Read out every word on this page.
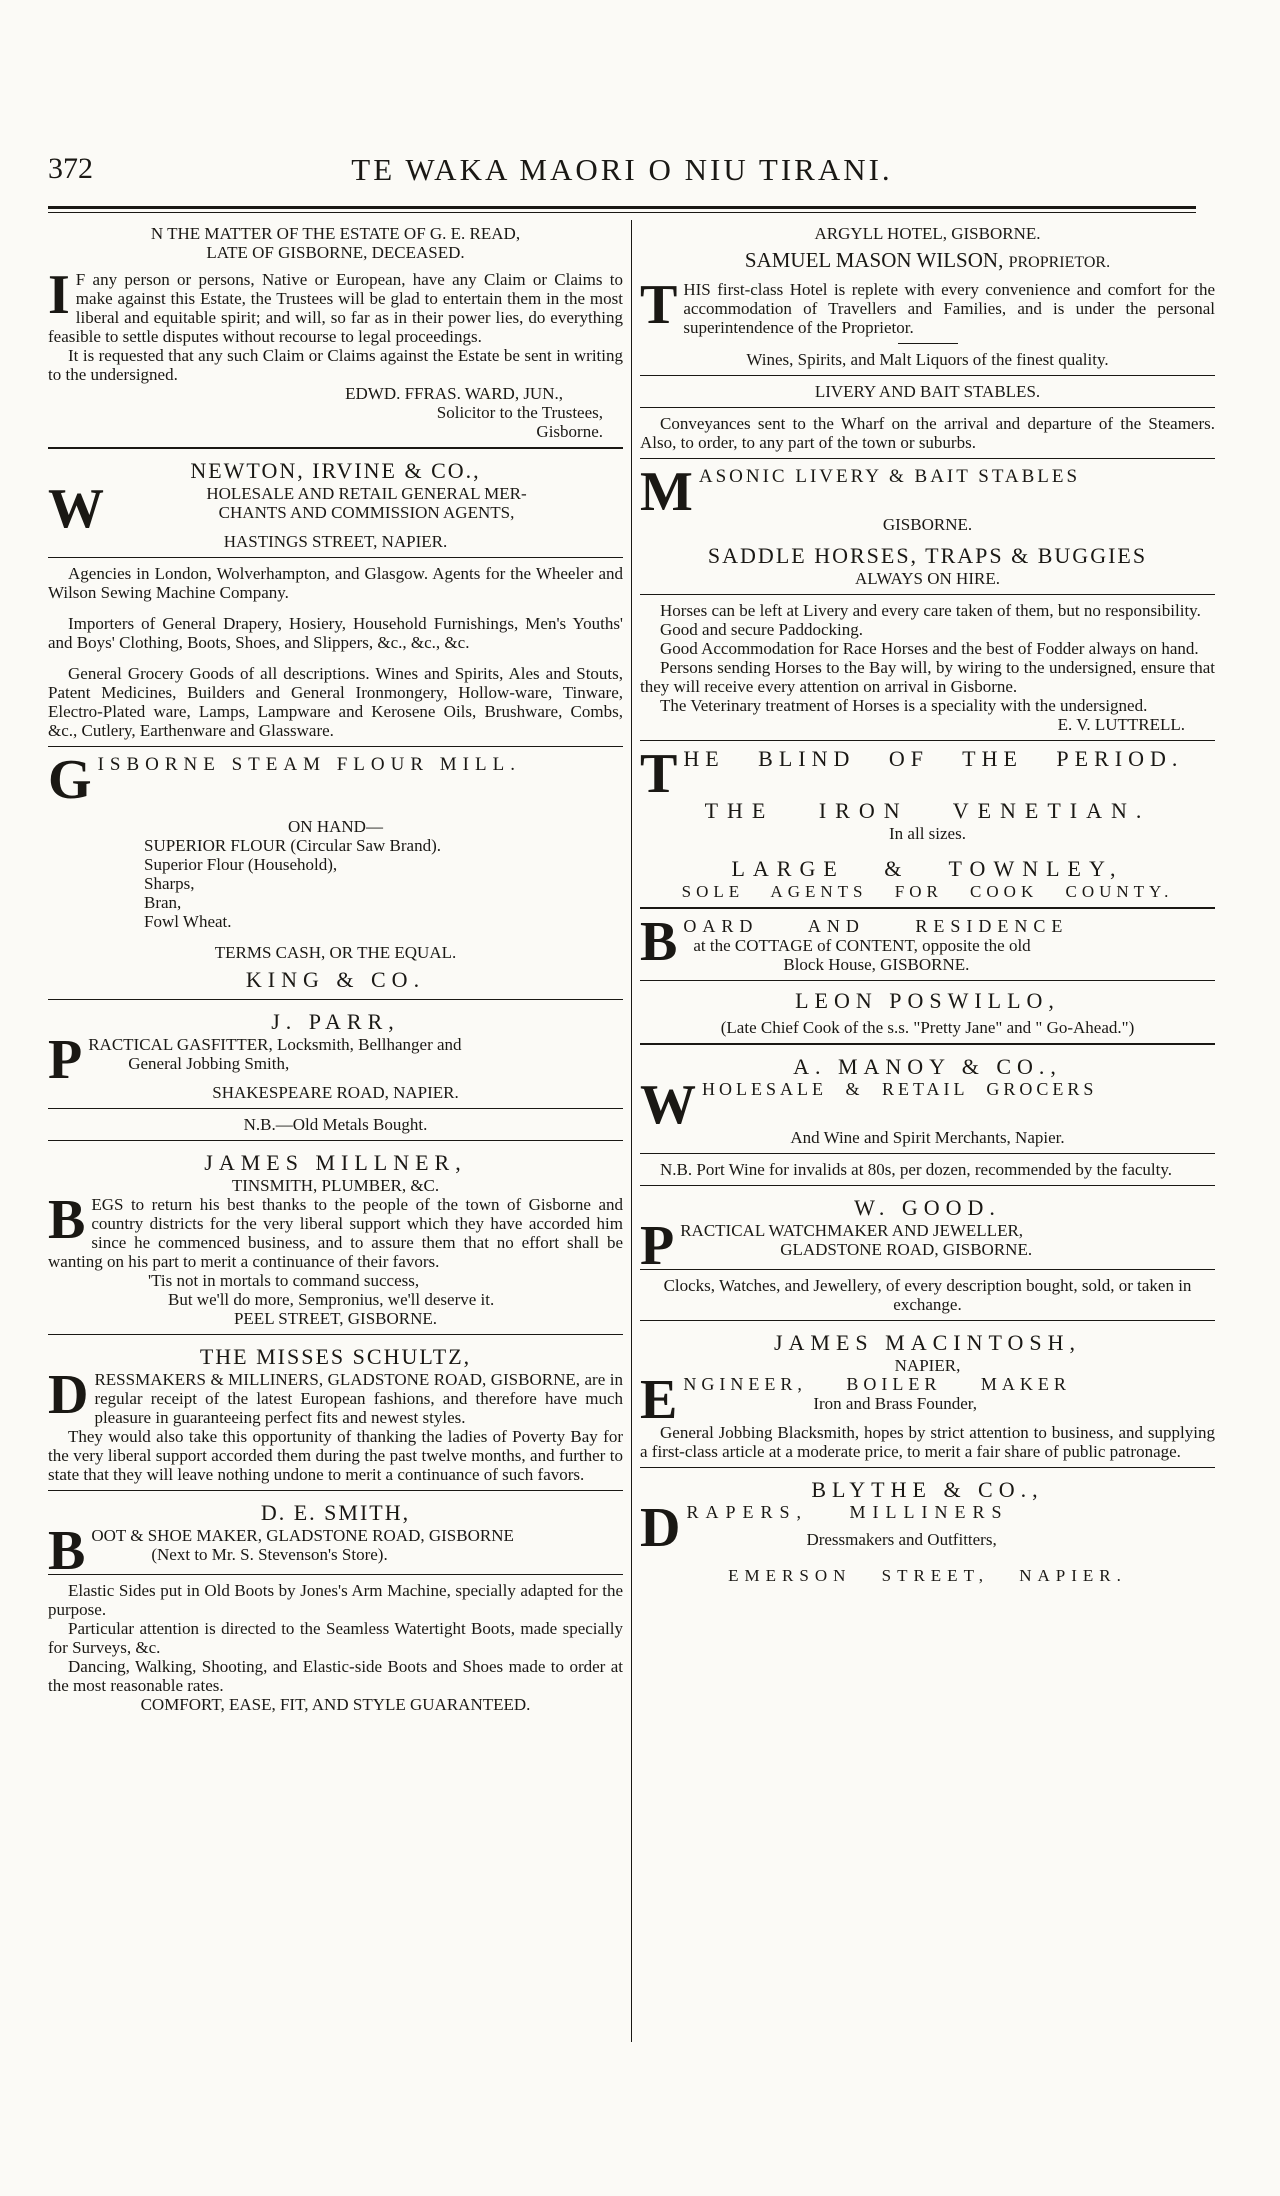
372	TE WAKA MAORI O NIU TIRANI.

N THE MATTER OF THE ESTATE OF G. E. READ,

LATE OF GISBORNE, DECEASED.

I F any person or persons, Native or European, have any Claim or Claims to make against this Estate, the Trustees will be glad to entertain them in the most liberal and equitable spirit; and will, so far as in their power lies, do everything feasible to settle disputes without recourse to legal proceedings.

It is requested that any such Claim or Claims against the Estate be sent in writing to the undersigned.

EDWD. FFRAS. WARD, JUN.,

Solicitor to the Trustees,

Gisborne.

NEWTON, IRVINE & CO.,

W	HOLESALE AND RETAIL GENERAL MER-
CHANTS AND COMMISSION AGENTS,

HASTINGS STREET, NAPIER.

Agencies in London, Wolverhampton, and Glasgow. Agents for the Wheeler and Wilson Sewing Machine Company.

Importers of General Drapery, Hosiery, Household Furnishings, Men's Youths' and Boys' Clothing, Boots, Shoes, and Slippers, &c., &c., &c.

General Grocery Goods of all descriptions. Wines and Spirits, Ales and Stouts, Patent Medicines, Builders and General Ironmongery, Hollow-ware, Tinware, Electro-Plated ware, Lamps, Lampware and Kerosene Oils, Brushware, Combs, &c., Cutlery, Earthenware and Glassware.

GISBORNE STEAM FLOUR MILL.

ON HAND—

SUPERIOR FLOUR (Circular Saw Brand).

Superior Flour (Household),

Sharps,

Bran,

Fowl Wheat.

TERMS CASH, OR THE EQUAL.

KING & CO.

J. PARR,

PRACTICAL GASFITTER, Locksmith, Bellhanger and
General Jobbing Smith,

SHAKESPEARE ROAD, NAPIER.

N.B.—Old Metals Bought.

JAMES MILLNER,

TINSMITH, PLUMBER, &C.

BEGS to return his best thanks to the people of the town of Gisborne and country districts for the very liberal support which they have accorded him since he commenced business, and to assure them that no effort shall be wanting on his part to merit a continuance of their favors.

'Tis not in mortals to command success,

But we'll do more, Sempronius, we'll deserve it.

PEEL STREET, GISBORNE.

THE MISSES SCHULTZ,

DRESSMAKERS & MILLINERS, GLADSTONE ROAD, GISBORNE, are in regular receipt of the latest European fashions, and therefore have much pleasure in guaranteeing perfect fits and newest styles.

They would also take this opportunity of thanking the ladies of Poverty Bay for the very liberal support accorded them during the past twelve months, and further to state that they will leave nothing undone to merit a continuance of such favors.

D. E. SMITH,

BOOT & SHOE MAKER, GLADSTONE ROAD, GISBORNE
(Next to Mr. S. Stevenson's Store).

Elastic Sides put in Old Boots by Jones's Arm Machine, specially adapted for the purpose.

Particular attention is directed to the Seamless Watertight Boots, made specially for Surveys, &c.

Dancing, Walking, Shooting, and Elastic-side Boots and Shoes made to order at the most reasonable rates.

COMFORT, EASE, FIT, AND STYLE GUARANTEED.

ARGYLL HOTEL, GISBORNE.

SAMUEL MASON WILSON, PROPRIETOR.

THIS first-class Hotel is replete with every convenience and comfort for the accommodation of Travellers and Families, and is under the personal superintendence of the Proprietor.

Wines, Spirits, and Malt Liquors of the finest quality.

LIVERY AND BAIT STABLES.

Conveyances sent to the Wharf on the arrival and departure of the Steamers. Also, to order, to any part of the town or suburbs.

MASONIC LIVERY & BAIT STABLES

GISBORNE.

SADDLE HORSES, TRAPS & BUGGIES

ALWAYS ON HIRE.

Horses can be left at Livery and every care taken of them, but no responsibility.

Good and secure Paddocking.

Good Accommodation for Race Horses and the best of Fodder always on hand.

Persons sending Horses to the Bay will, by wiring to the undersigned, ensure that they will receive every attention on arrival in Gisborne.

The Veterinary treatment of Horses is a speciality with the undersigned.

E. V. LUTTRELL.

THE BLIND OF THE PERIOD.

THE IRON VENETIAN.

In all sizes.

LARGE & TOWNLEY,

SOLE AGENTS FOR COOK COUNTY.

BOARD AND RESIDENCE
at the COTTAGE of CONTENT, opposite the old
Block House, GISBORNE.

LEON POSWILLO,

(Late Chief Cook of the s.s. "Pretty Jane" and " Go-Ahead.")

A. MANOY & CO.,

WHOLESALE & RETAIL GROCERS

And Wine and Spirit Merchants, Napier.

N.B. Port Wine for invalids at 80s, per dozen, recommended by the faculty.

W. GOOD.

PRACTICAL WATCHMAKER AND JEWELLER,
GLADSTONE ROAD, GISBORNE.

Clocks, Watches, and Jewellery, of every description bought, sold, or taken in exchange.

JAMES MACINTOSH,

NAPIER,

ENGINEER, BOILER MAKER
Iron and Brass Founder,

General Jobbing Blacksmith, hopes by strict attention to business, and supplying a first-class article at a moderate price, to merit a fair share of public patronage.

BLYTHE & CO.,

DRAPERS, MILLINERS
Dressmakers and Outfitters,

EMERSON STREET, NAPIER.
